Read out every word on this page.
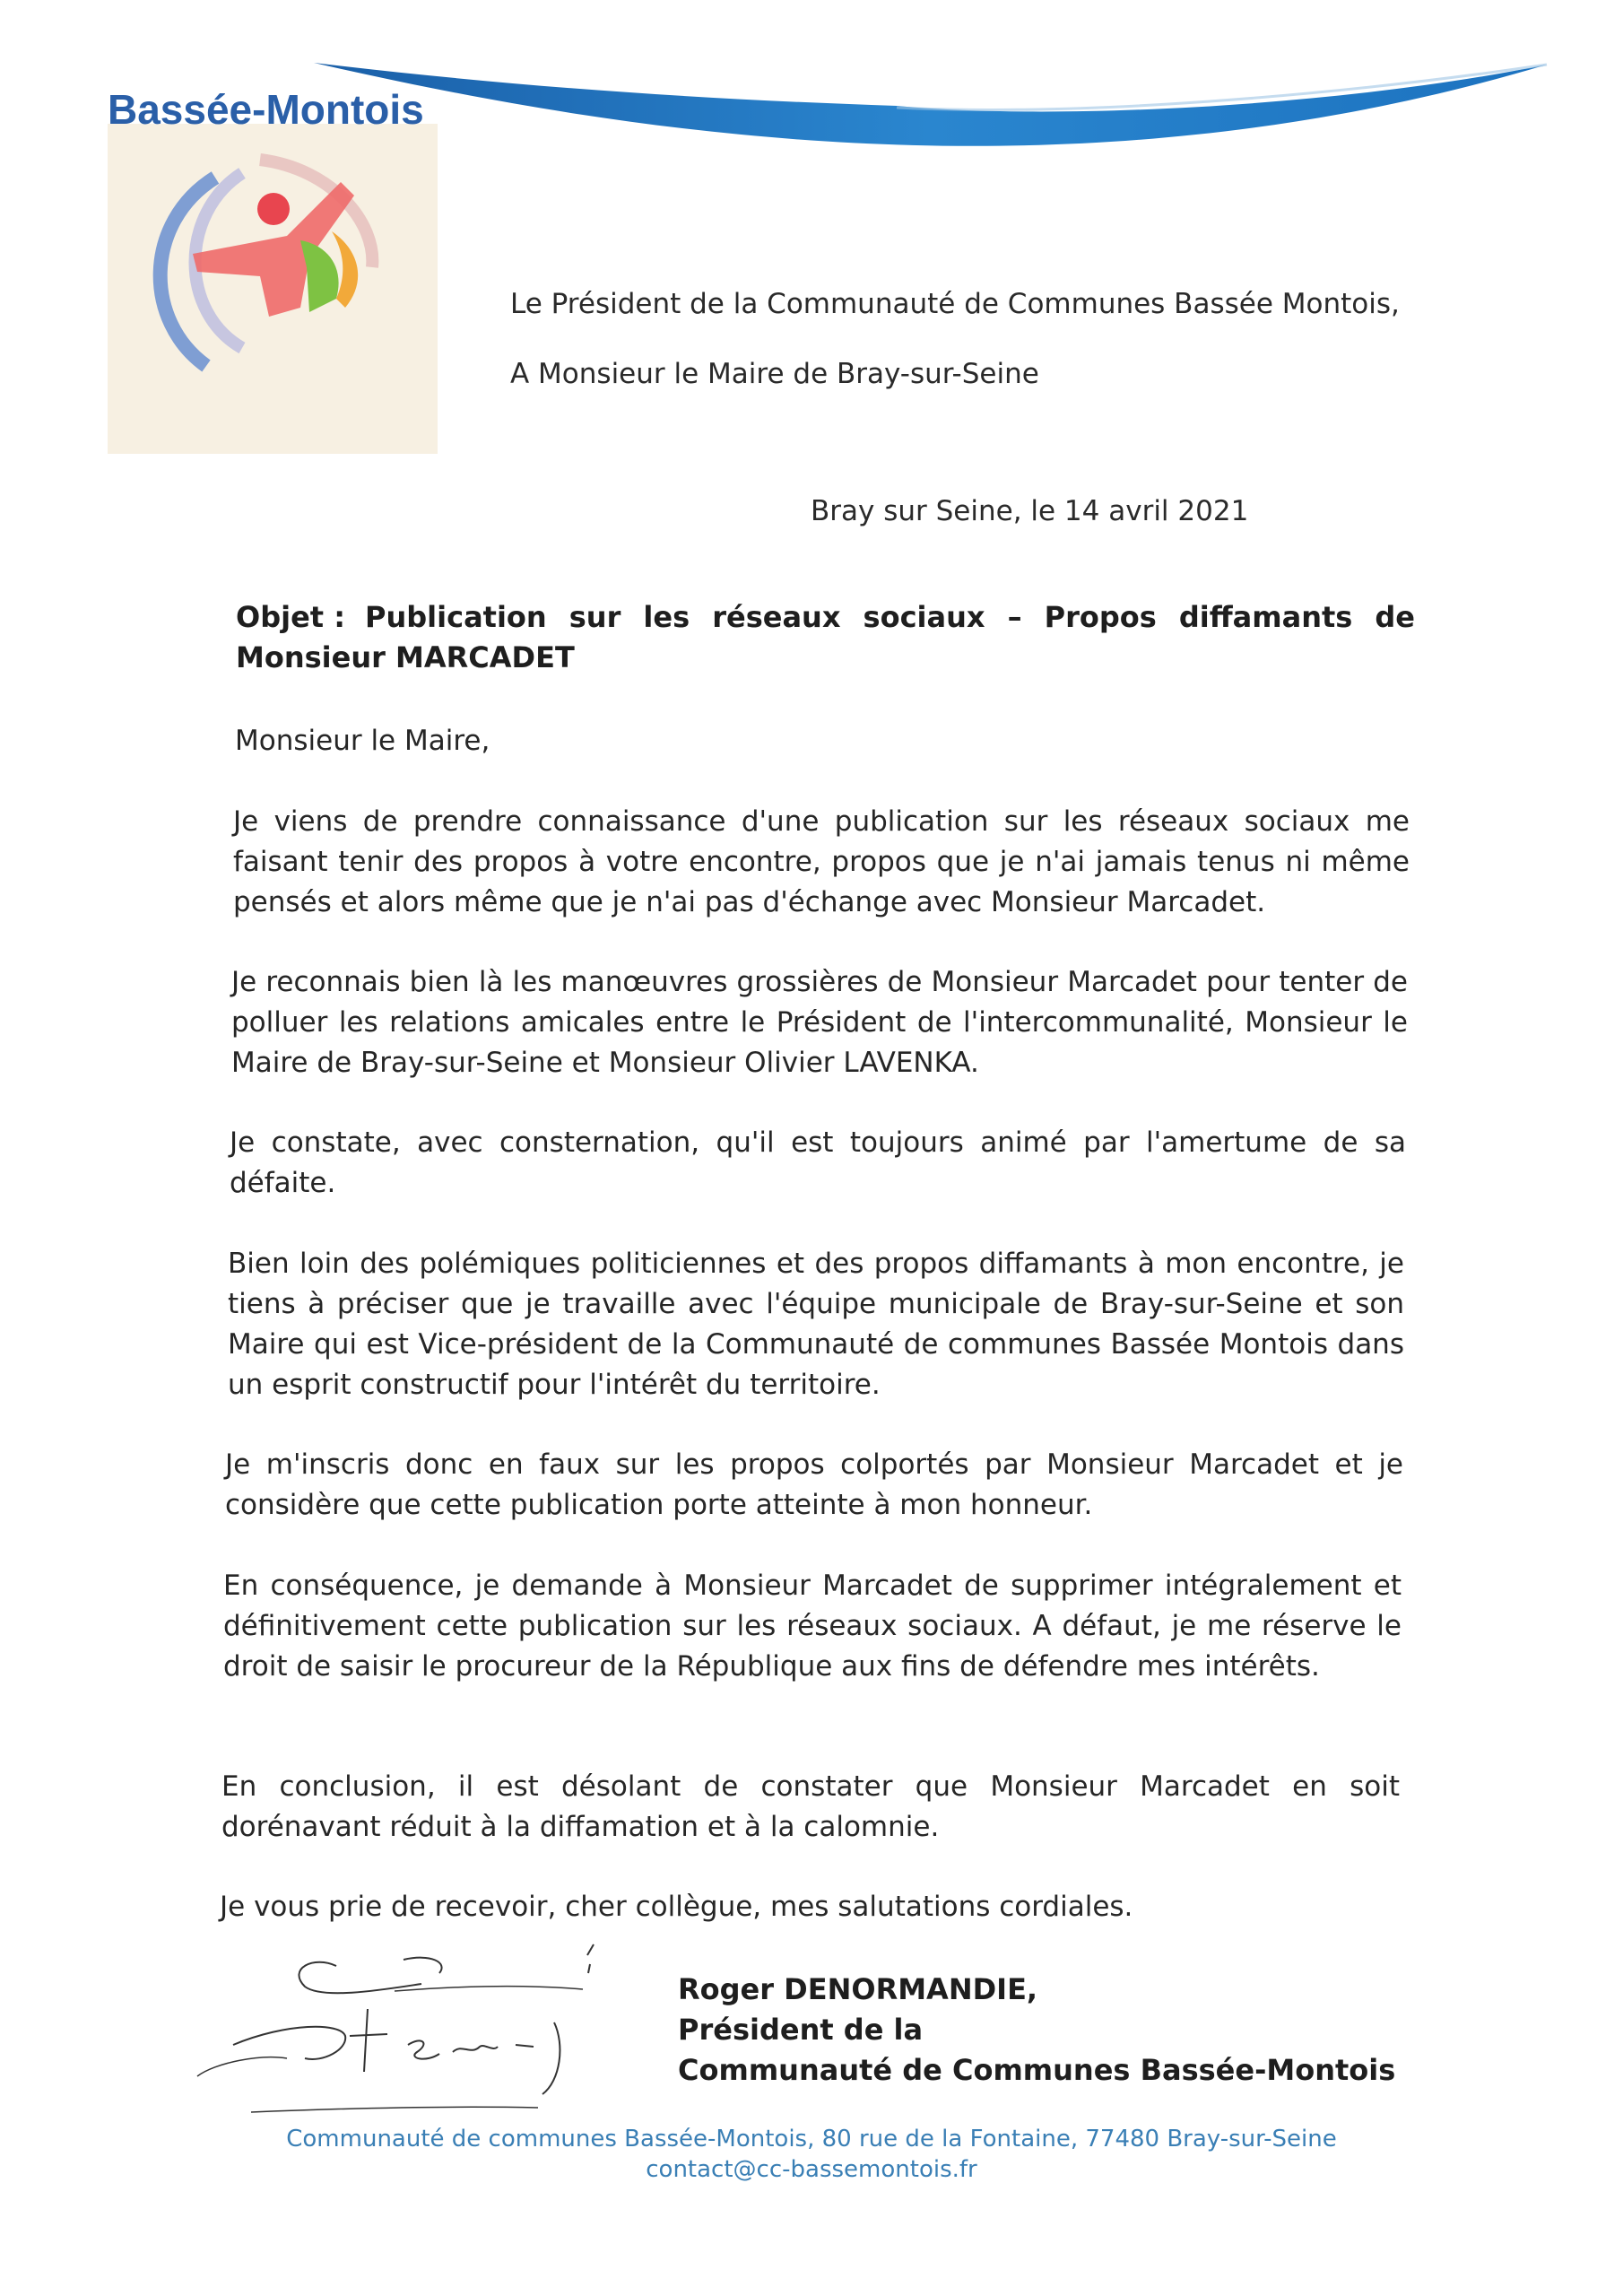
Bassée-Montois
Le Président de la Communauté de Communes Bassée Montois,
A Monsieur le Maire de Bray-sur-Seine
Bray sur Seine, le 14 avril 2021
Objet : Publication sur les réseaux sociaux – Propos diffamants de
Monsieur MARCADET
Monsieur le Maire,
Je viens de prendre connaissance d'une publication sur les réseaux sociaux me faisant tenir des propos à votre encontre, propos que je n'ai jamais tenus ni même pensés et alors même que je n'ai pas d'échange avec Monsieur Marcadet.
Je reconnais bien là les manœuvres grossières de Monsieur Marcadet pour tenter de polluer les relations amicales entre le Président de l'intercommunalité, Monsieur le Maire de Bray-sur-Seine et Monsieur Olivier LAVENKA.
Je constate, avec consternation, qu'il est toujours animé par l'amertume de sa défaite.
Bien loin des polémiques politiciennes et des propos diffamants à mon encontre, je tiens à préciser que je travaille avec l'équipe municipale de Bray-sur-Seine et son Maire qui est Vice-président de la Communauté de communes Bassée Montois dans un esprit constructif pour l'intérêt du territoire.
Je m'inscris donc en faux sur les propos colportés par Monsieur Marcadet et je considère que cette publication porte atteinte à mon honneur.
En conséquence, je demande à Monsieur Marcadet de supprimer intégralement et définitivement cette publication sur les réseaux sociaux. A défaut, je me réserve le droit de saisir le procureur de la République aux fins de défendre mes intérêts.
En conclusion, il est désolant de constater que Monsieur Marcadet en soit dorénavant réduit à la diffamation et à la calomnie.
Je vous prie de recevoir, cher collègue, mes salutations cordiales.
Roger DENORMANDIE,
Président de la
Communauté de Communes Bassée-Montois
Communauté de communes Bassée-Montois, 80 rue de la Fontaine, 77480 Bray-sur-Seine
contact@cc-bassemontois.fr
